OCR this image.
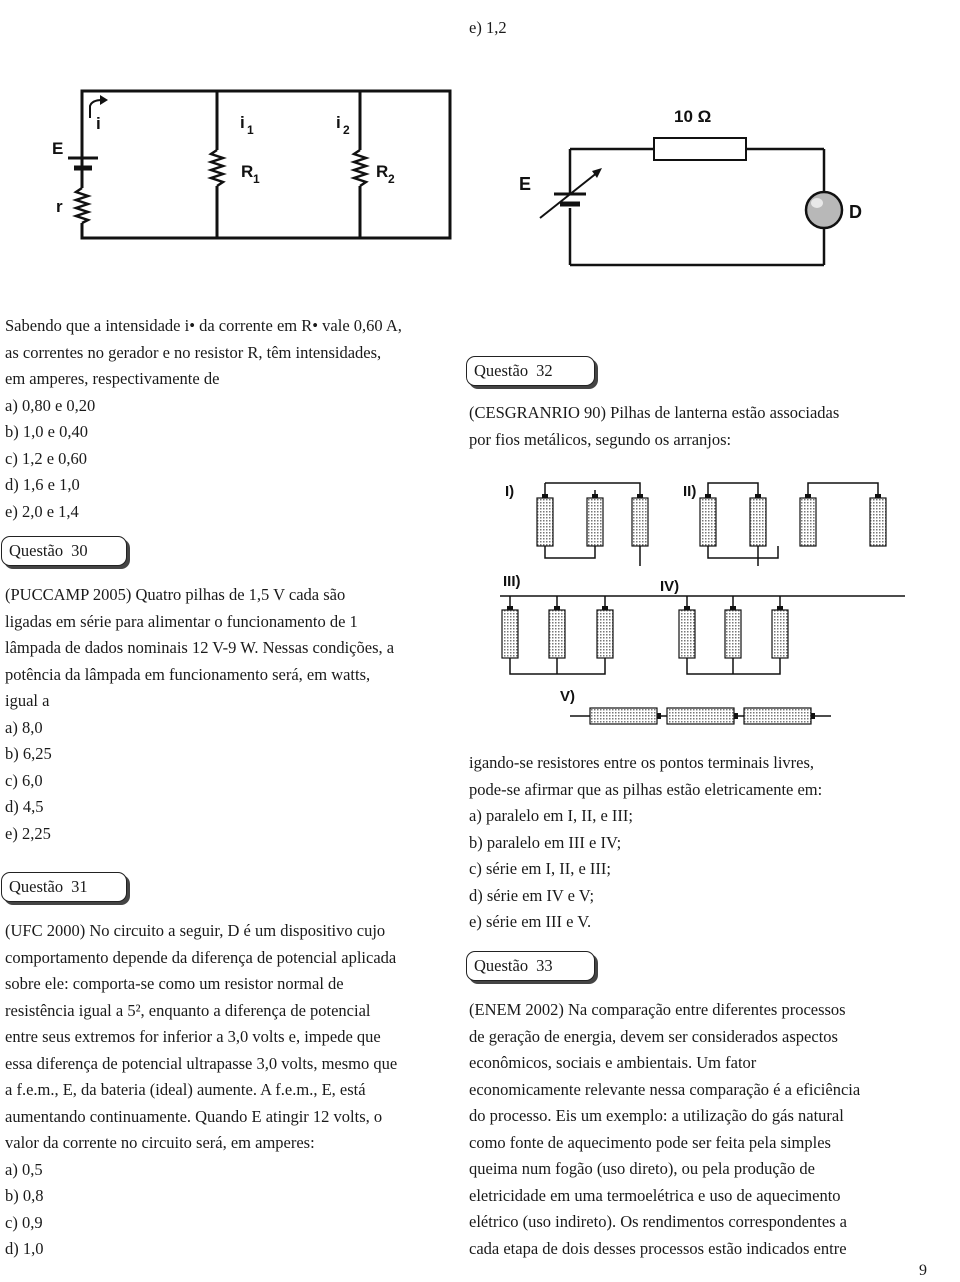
e) 1,2
E
r
i	i 1	i 2
R 1	R 2
10 Ω
E
D
Sabendo que a intensidade i• da corrente em R• vale 0,60 A,
as correntes no gerador e no resistor R, têm intensidades,
em amperes, respectivamente de
a) 0,80 e 0,20
b) 1,0 e 0,40
c) 1,2 e 0,60
d) 1,6 e 1,0
e) 2,0 e 1,4
Questão 30
(PUCCAMP 2005) Quatro pilhas de 1,5 V cada são
ligadas em série para alimentar o funcionamento de 1
lâmpada de dados nominais 12 V-9 W. Nessas condições, a
potência da lâmpada em funcionamento será, em watts,
igual a
a) 8,0
b) 6,25
c) 6,0
d) 4,5
e) 2,25
Questão 31
(UFC 2000) No circuito a seguir, D é um dispositivo cujo
comportamento depende da diferença de potencial aplicada
sobre ele: comporta-se como um resistor normal de
resistência igual a 5², enquanto a diferença de potencial
entre seus extremos for inferior a 3,0 volts e, impede que
essa diferença de potencial ultrapasse 3,0 volts, mesmo que
a f.e.m., E, da bateria (ideal) aumente. A f.e.m., E, está
aumentando continuamente. Quando E atingir 12 volts, o
valor da corrente no circuito será, em amperes:
a) 0,5
b) 0,8
c) 0,9
d) 1,0
Questão 32
(CESGRANRIO 90) Pilhas de lanterna estão associadas
por fios metálicos, segundo os arranjos:
I)	II)
III)	IV)
V)
igando-se resistores entre os pontos terminais livres,
pode-se afirmar que as pilhas estão eletricamente em:
a) paralelo em I, II, e III;
b) paralelo em III e IV;
c) série em I, II, e III;
d) série em IV e V;
e) série em III e V.
Questão 33
(ENEM 2002) Na comparação entre diferentes processos
de geração de energia, devem ser considerados aspectos
econômicos, sociais e ambientais. Um fator
economicamente relevante nessa comparação é a eficiência
do processo. Eis um exemplo: a utilização do gás natural
como fonte de aquecimento pode ser feita pela simples
queima num fogão (uso direto), ou pela produção de
eletricidade em uma termoelétrica e uso de aquecimento
elétrico (uso indireto). Os rendimentos correspondentes a
cada etapa de dois desses processos estão indicados entre
9
